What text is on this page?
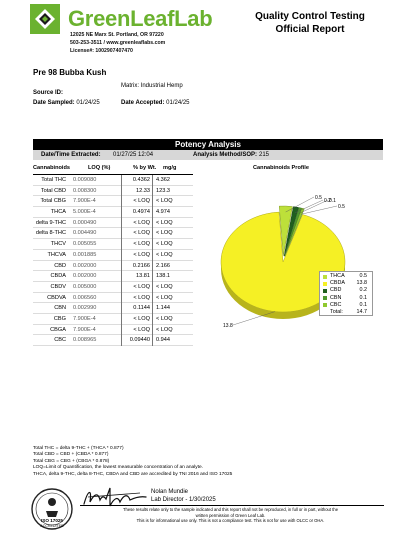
GreenLeafLab
12025 NE Marx St. Portland, OR 97220
503-253-3511 / www.greenleaflabs.com
License#: 1002907407470
Quality Control Testing
Official Report
Pre 98 Bubba Kush
Matrix: Industrial Hemp
Source ID:
Date Sampled: 01/24/25	Date Accepted: 01/24/25
Potency Analysis
Date/Time Extracted: 01/27/25 12:04	Analysis Method/SOP: 215
Cannabinoids	LOQ (%)	% by Wt. mg/g
Total THC 0.009080	0.4362 4.362
Total CBD 0.008300	12.33 123.3
Total CBG 7.900E-4	< LOQ < LOQ
THCA 5.000E-4	0.4974 4.974
delta 9-THC 0.000490	< LOQ < LOQ
delta 8-THC 0.004490	< LOQ < LOQ
THCV 0.005055	< LOQ < LOQ
THCVA 0.001885	< LOQ < LOQ
CBD 0.002000	0.2166 2.166
CBDA 0.002000	13.81 138.1
CBDV 0.005000	< LOQ < LOQ
CBDVA 0.006560	< LOQ < LOQ
CBN 0.002990	0.1144 1.144
CBG 7.900E-4	< LOQ < LOQ
CBGA 7.900E-4	< LOQ < LOQ
CBC 0.008965	0.09440 0.944
Cannabinoids Profile
0.5 0.2
0.1
0.5
13.8
THCA	0.5
CBDA 13.8
CBD	0.2
CBN	0.1
CBC	0.1
Total:	14.7
Total THC = delta 9-THC + (THCA * 0.877)
Total CBD = CBD + (CBDA * 0.877)
Total CBG = CBG + (CBGA * 0.878)
LOQ=Limit of Quantification, the lowest measurable concentration of an analyte.
THCA, delta 9-THC, delta 8-THC, CBDA and CBD are accredited by TNI 2016 and ISO 17025
ISO 17025
ACCREDITED
Nolan Mundie
Lab Director - 1/30/2025
These results relate only to the sample indicated and this report shall not be reproduced, in full or in part, without the
written permission of Green Leaf Lab.
This is for informational use only. This is not a compliance test. This is not for use with OLCC or OHA.
